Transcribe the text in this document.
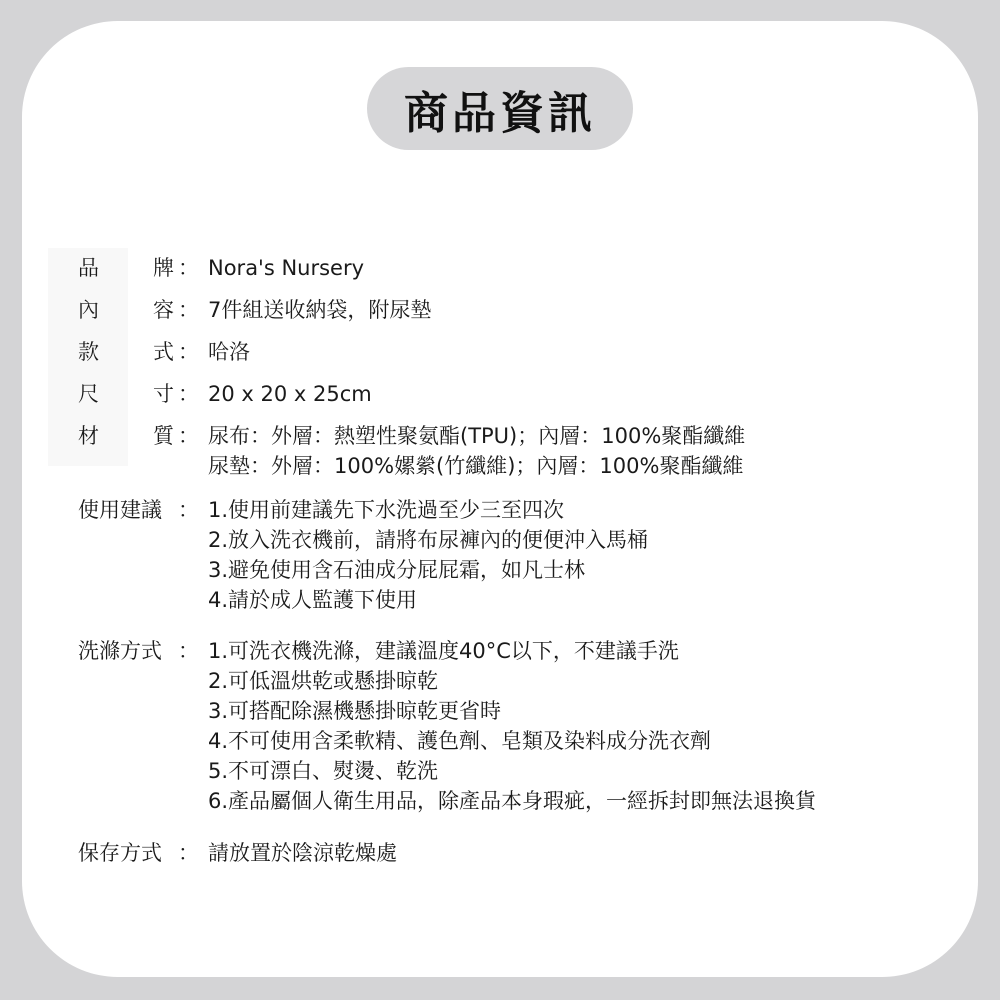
商品資訊
品	牌 ： Nora's Nursery
內	容 ： 7件組送收納袋，附尿墊
款	式 ： 哈洛
尺	寸 ： 20 x 20 x 25cm
材	質 ： 尿布：外層：熱塑性聚氨酯(TPU)；內層：100%聚酯纖維
尿墊：外層：100%嫘縈(竹纖維)；內層：100%聚酯纖維
使用建議 ： 1.使用前建議先下水洗過至少三至四次
2.放入洗衣機前，請將布尿褲內的便便沖入馬桶
3.避免使用含石油成分屁屁霜，如凡士林
4.請於成人監護下使用
洗滌方式 ： 1.可洗衣機洗滌，建議溫度40°C以下，不建議手洗
2.可低溫烘乾或懸掛晾乾
3.可搭配除濕機懸掛晾乾更省時
4.不可使用含柔軟精、護色劑、皂類及染料成分洗衣劑
5.不可漂白、熨燙、乾洗
6.產品屬個人衛生用品，除產品本身瑕疵，一經拆封即無法退換貨
保存方式 ： 請放置於陰涼乾燥處
